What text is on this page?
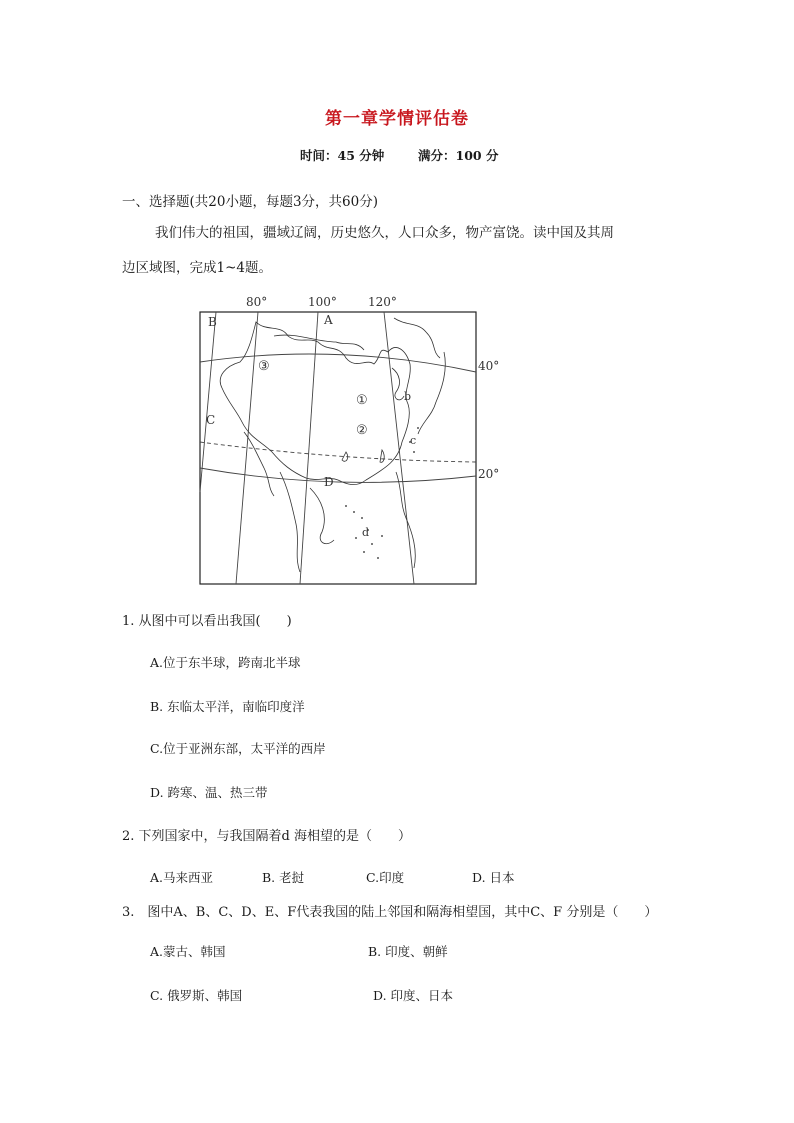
第一章学情评估卷
时间：45 分钟	满分：100 分
一、选择题(共20小题，每题3分，共60分)
我们伟大的祖国，疆域辽阔，历史悠久，人口众多，物产富饶。读中国及其周
边区域图，完成1~4题。
80°	100°	120°
40°
20°
A
B
C
D
b
c
d
①
②
③
1. 从图中可以看出我国(　　)
A.位于东半球，跨南北半球
B. 东临太平洋，南临印度洋
C.位于亚洲东部，太平洋的西岸
D. 跨寒、温、热三带
2. 下列国家中，与我国隔着d 海相望的是（　　）
A.马来西亚	B. 老挝	C.印度	D. 日本
3.　图中A、B、C、D、E、F代表我国的陆上邻国和隔海相望国，其中C、F 分别是（　　）
A.蒙古、韩国	B. 印度、朝鲜
C. 俄罗斯、韩国	D. 印度、日本
